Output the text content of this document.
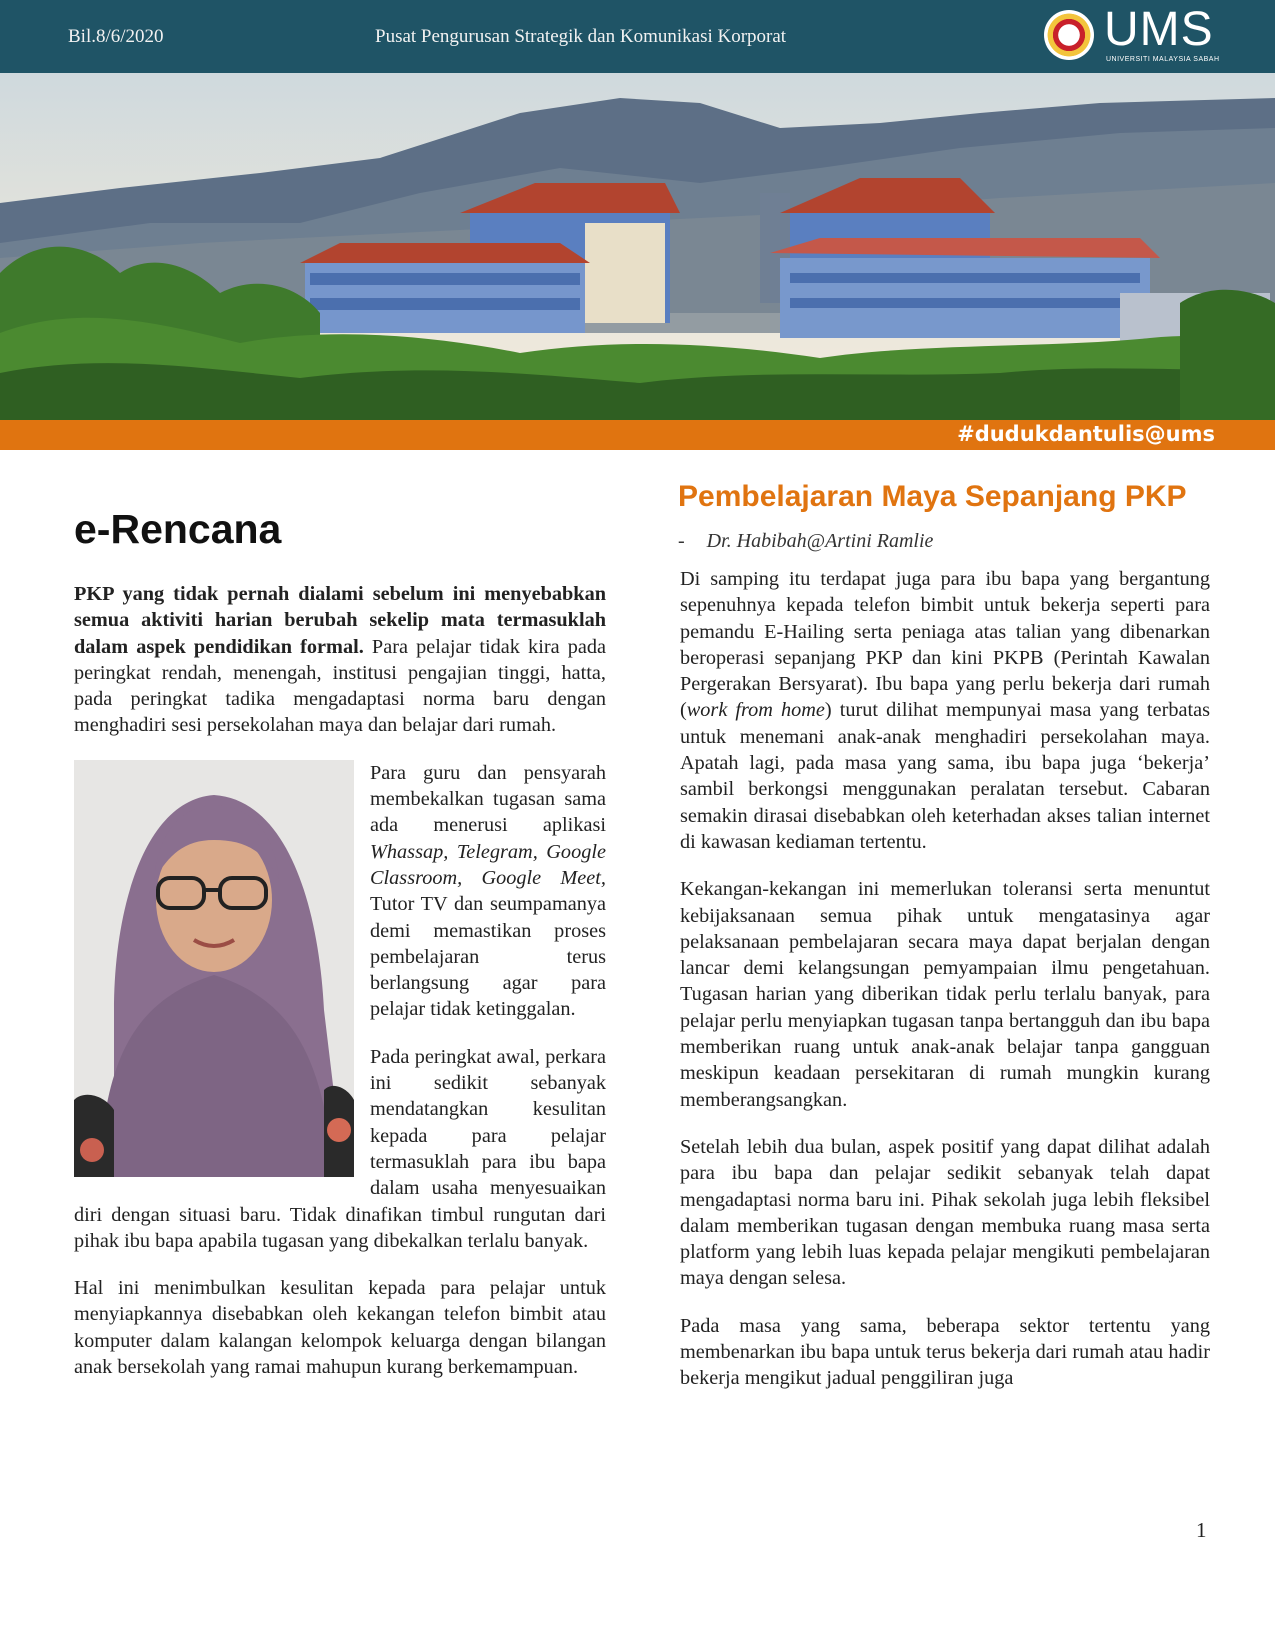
Bil.8/6/2020	Pusat Pengurusan Strategik dan Komunikasi Korporat	UMS
UNIVERSITI MALAYSIA SABAH
#dudukdantulis@ums
e-Rencana

PKP yang tidak pernah dialami sebelum ini menyebabkan semua aktiviti harian berubah sekelip mata termasuklah dalam aspek pendidikan formal. Para pelajar tidak kira pada peringkat rendah, menengah, institusi pengajian tinggi, hatta, pada peringkat tadika mengadaptasi norma baru dengan menghadiri sesi persekolahan maya dan belajar dari rumah.

Para guru dan pensyarah membekalkan tugasan sama ada menerusi aplikasi Whassap, Telegram, Google Classroom, Google Meet, Tutor TV dan seumpamanya demi memastikan proses pembelajaran terus berlangsung agar para pelajar tidak ketinggalan.

Pada peringkat awal, perkara ini sedikit sebanyak mendatangkan kesulitan kepada para pelajar termasuklah para ibu bapa dalam usaha menyesuaikan diri dengan situasi baru. Tidak dinafikan timbul rungutan dari pihak ibu bapa apabila tugasan yang dibekalkan terlalu banyak.

Hal ini menimbulkan kesulitan kepada para pelajar untuk menyiapkannya disebabkan oleh kekangan telefon bimbit atau komputer dalam kalangan kelompok keluarga dengan bilangan anak bersekolah yang ramai mahupun kurang berkemampuan.

Pembelajaran Maya Sepanjang PKP
- Dr. Habibah@Artini Ramlie

Di samping itu terdapat juga para ibu bapa yang bergantung sepenuhnya kepada telefon bimbit untuk bekerja seperti para pemandu E-Hailing serta peniaga atas talian yang dibenarkan beroperasi sepanjang PKP dan kini PKPB (Perintah Kawalan Pergerakan Bersyarat). Ibu bapa yang perlu bekerja dari rumah (work from home) turut dilihat mempunyai masa yang terbatas untuk menemani anak-anak menghadiri persekolahan maya. Apatah lagi, pada masa yang sama, ibu bapa juga ‘bekerja’ sambil berkongsi menggunakan peralatan tersebut. Cabaran semakin dirasai disebabkan oleh keterhadan akses talian internet di kawasan kediaman tertentu.

Kekangan-kekangan ini memerlukan toleransi serta menuntut kebijaksanaan semua pihak untuk mengatasinya agar pelaksanaan pembelajaran secara maya dapat berjalan dengan lancar demi kelangsungan pemyampaian ilmu pengetahuan. Tugasan harian yang diberikan tidak perlu terlalu banyak, para pelajar perlu menyiapkan tugasan tanpa bertangguh dan ibu bapa memberikan ruang untuk anak-anak belajar tanpa gangguan meskipun keadaan persekitaran di rumah mungkin kurang memberangsangkan.

Setelah lebih dua bulan, aspek positif yang dapat dilihat adalah para ibu bapa dan pelajar sedikit sebanyak telah dapat mengadaptasi norma baru ini. Pihak sekolah juga lebih fleksibel dalam memberikan tugasan dengan membuka ruang masa serta platform yang lebih luas kepada pelajar mengikuti pembelajaran maya dengan selesa.

Pada masa yang sama, beberapa sektor tertentu yang membenarkan ibu bapa untuk terus bekerja dari rumah atau hadir bekerja mengikut jadual penggiliran juga

1
